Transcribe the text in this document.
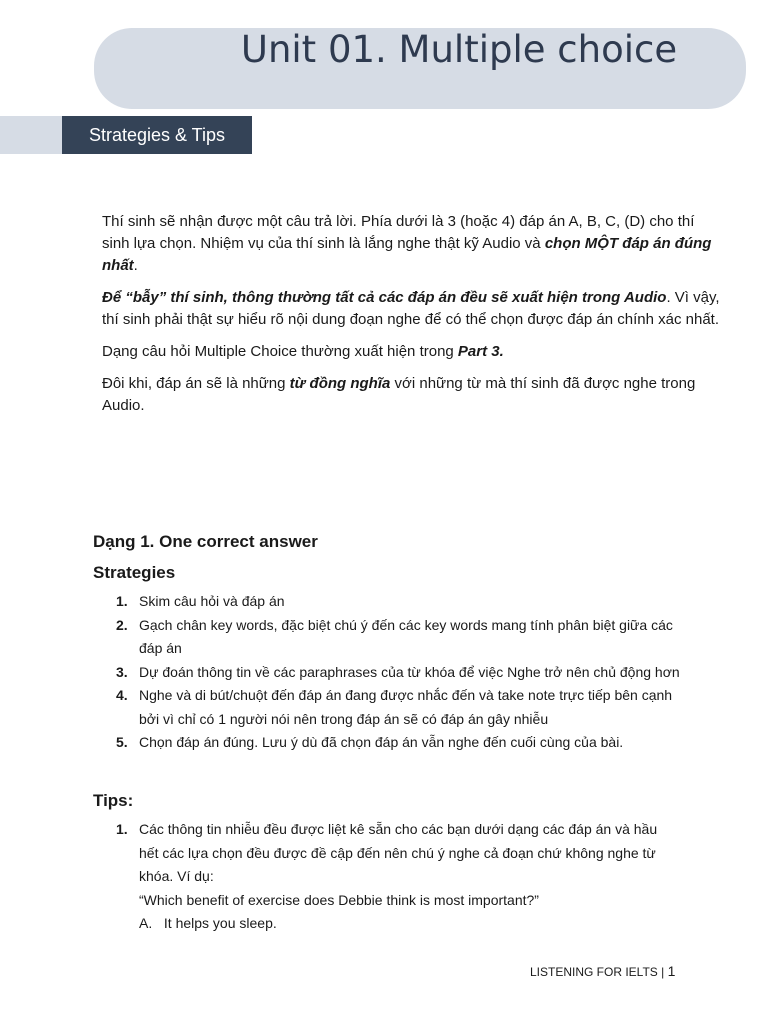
Unit 01. Multiple choice
Strategies & Tips

Thí sinh sẽ nhận được một câu trả lời. Phía dưới là 3 (hoặc 4) đáp án A, B, C, (D) cho thí sinh lựa chọn. Nhiệm vụ của thí sinh là lắng nghe thật kỹ Audio và chọn MỘT đáp án đúng nhất.

Để “bẫy” thí sinh, thông thường tất cả các đáp án đều sẽ xuất hiện trong Audio. Vì vậy, thí sinh phải thật sự hiểu rõ nội dung đoạn nghe để có thể chọn được đáp án chính xác nhất.

Dạng câu hỏi Multiple Choice thường xuất hiện trong Part 3.

Đôi khi, đáp án sẽ là những từ đồng nghĩa với những từ mà thí sinh đã được nghe trong Audio.

Dạng 1. One correct answer
Strategies
1. Skim câu hỏi và đáp án
2. Gạch chân key words, đặc biệt chú ý đến các key words mang tính phân biệt giữa các đáp án
3. Dự đoán thông tin về các paraphrases của từ khóa để việc Nghe trở nên chủ động hơn
4. Nghe và di bút/chuột đến đáp án đang được nhắc đến và take note trực tiếp bên cạnh bởi vì chỉ có 1 người nói nên trong đáp án sẽ có đáp án gây nhiễu
5. Chọn đáp án đúng. Lưu ý dù đã chọn đáp án vẫn nghe đến cuối cùng của bài.
Tips:
1. Các thông tin nhiễu đều được liệt kê sẵn cho các bạn dưới dạng các đáp án và hầu hết các lựa chọn đều được đề cập đến nên chú ý nghe cả đoạn chứ không nghe từ khóa. Ví dụ:
“Which benefit of exercise does Debbie think is most important?”
A.   It helps you sleep.
LISTENING FOR IELTS | 1
